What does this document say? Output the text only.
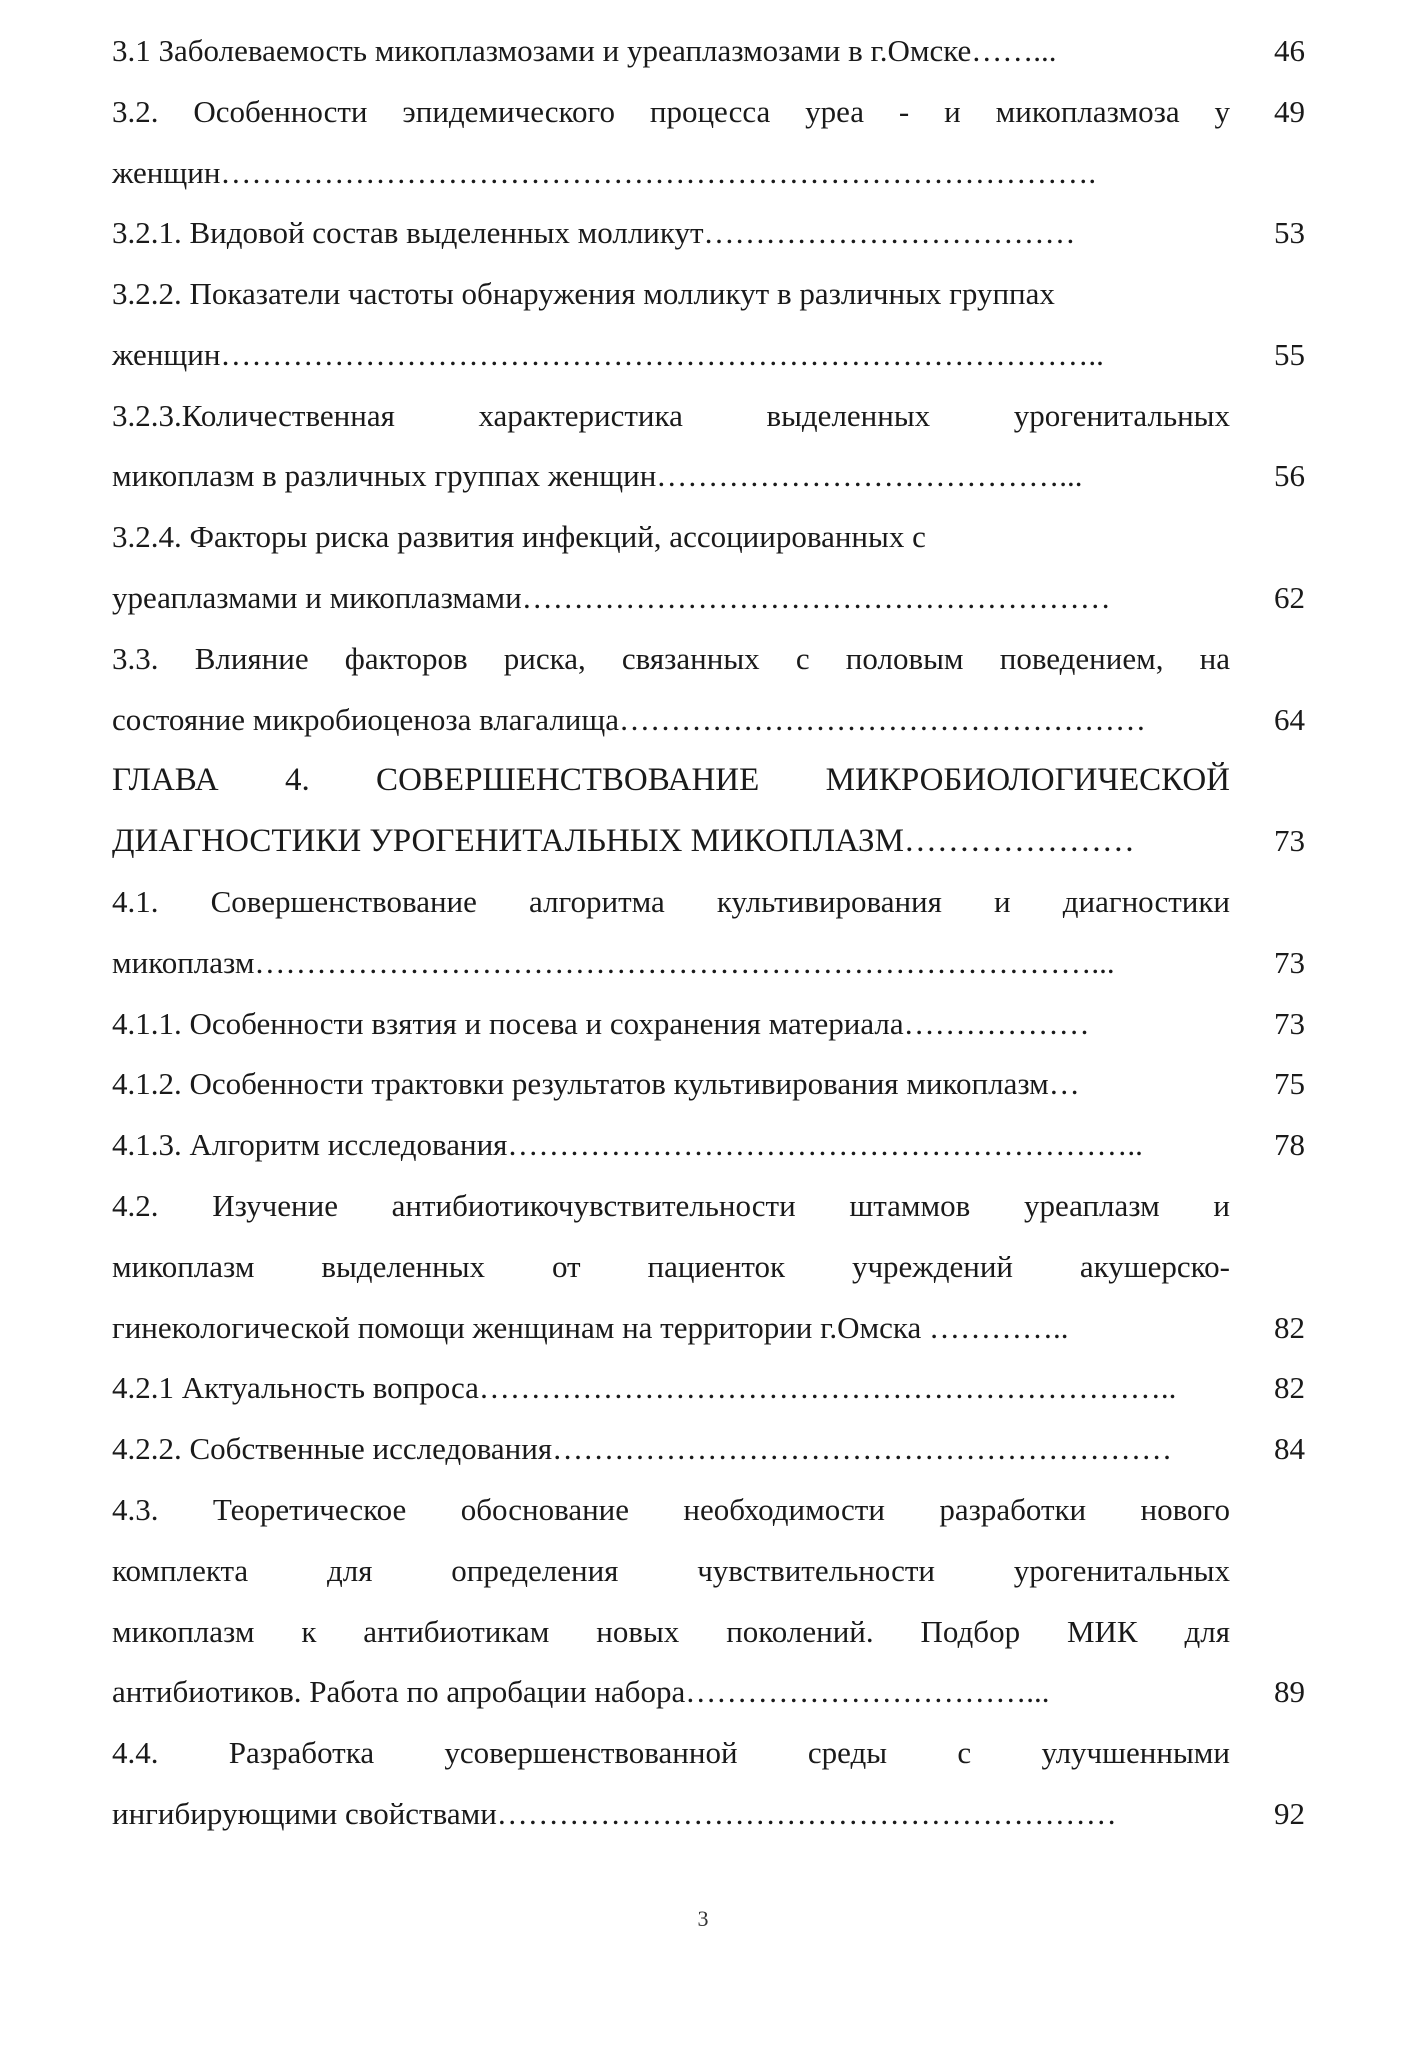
3.1 Заболеваемость микоплазмозами и уреаплазмозами в г.Омске……...	46
3.2. Особенности эпидемического процесса уреа - и микоплазмоза у	49
женщин………………………………………………………………………….
3.2.1. Видовой состав выделенных молликут………………………………	53
3.2.2. Показатели частоты обнаружения молликут в различных группах
женщин…………………………………………………………………………..	55
3.2.3.Количественная характеристика выделенных урогенитальных
микоплазм в различных группах женщин…………………………………...	56
3.2.4. Факторы риска развития инфекций, ассоциированных с
уреаплазмами и микоплазмами…………………………………………………	62
3.3. Влияние факторов риска, связанных с половым поведением, на
состояние микробиоценоза влагалища……………………………………………	64
ГЛАВА 4. СОВЕРШЕНСТВОВАНИЕ МИКРОБИОЛОГИЧЕСКОЙ
ДИАГНОСТИКИ УРОГЕНИТАЛЬНЫХ МИКОПЛАЗМ…………………	73
4.1. Совершенствование алгоритма культивирования и диагностики
микоплазм………………………………………………………………………...	73
4.1.1. Особенности взятия и посева и сохранения материала………………	73
4.1.2. Особенности трактовки результатов культивирования микоплазм…	75
4.1.3. Алгоритм исследования……………………………………………………..	78
4.2. Изучение антибиотикочувствительности штаммов уреаплазм и
микоплазм выделенных от пациенток учреждений акушерско-
гинекологической помощи женщинам на территории г.Омска …………..	82
4.2.1 Актуальность вопроса…………………………………………………………..	82
4.2.2. Собственные исследования……………………………………………………	84
4.3. Теоретическое обоснование необходимости разработки нового
комплекта для определения чувствительности урогенитальных
микоплазм к антибиотикам новых поколений. Подбор МИК для
антибиотиков. Работа по апробации набора……………………………...	89
4.4. Разработка усовершенствованной среды с улучшенными
ингибирующими свойствами……………………………………………………	92
3
